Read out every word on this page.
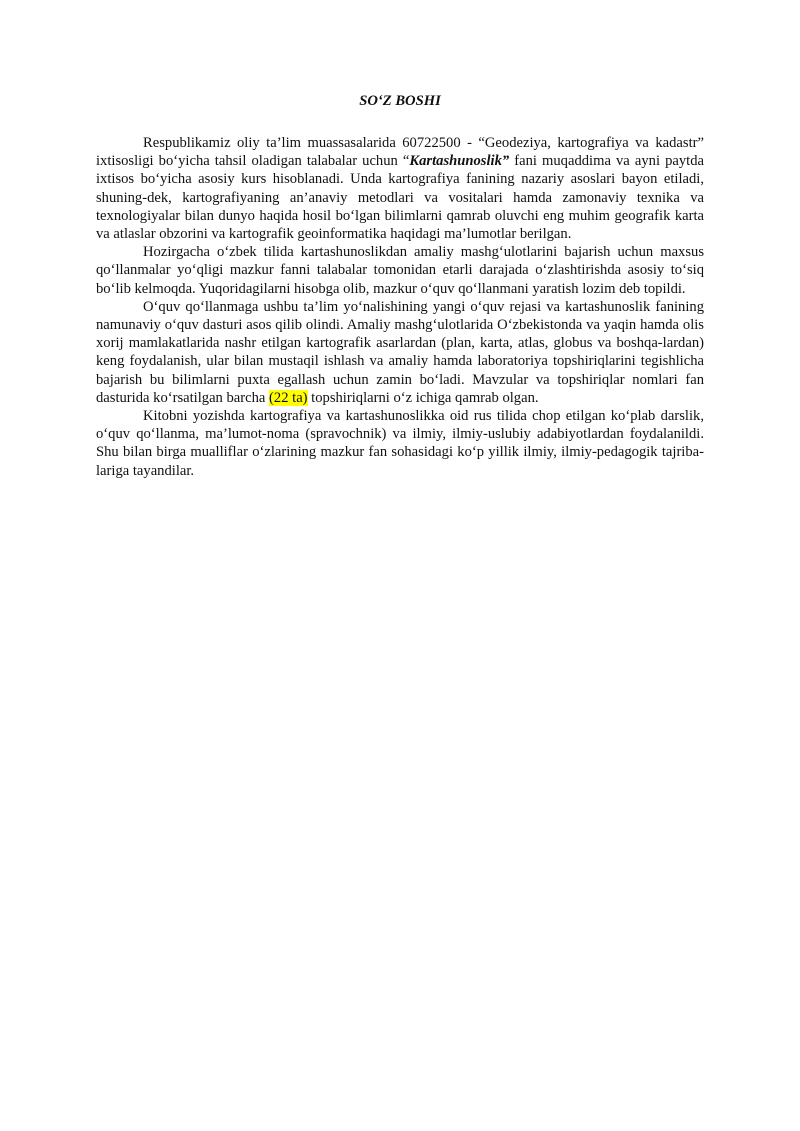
SO‘Z BOSHI

Respublikamiz oliy ta’lim muassasalarida 60722500 - “Geodeziya, kartografiya va kadastr” ixtisosligi bo‘yicha tahsil oladigan talabalar uchun “Kartashunoslik” fani muqaddima va ayni paytda ixtisos bo‘yicha asosiy kurs hisoblanadi. Unda kartografiya fanining nazariy asoslari bayon etiladi, shuning-dek, kartografiyaning an’anaviy metodlari va vositalari hamda zamonaviy texnika va texnologiyalar bilan dunyo haqida hosil bo‘lgan bilimlarni qamrab oluvchi eng muhim geografik karta va atlaslar obzorini va kartografik geoinformatika haqidagi ma’lumotlar berilgan.

Hozirgacha o‘zbek tilida kartashunoslikdan amaliy mashg‘ulotlarini bajarish uchun maxsus qo‘llanmalar yo‘qligi mazkur fanni talabalar tomonidan etarli darajada o‘zlashtirishda asosiy to‘siq bo‘lib kelmoqda. Yuqoridagilarni hisobga olib, mazkur o‘quv qo‘llanmani yaratish lozim deb topildi.

O‘quv qo‘llanmaga ushbu ta’lim yo‘nalishining yangi o‘quv rejasi va kartashunoslik fanining namunaviy o‘quv dasturi asos qilib olindi. Amaliy mashg‘ulotlarida O‘zbekistonda va yaqin hamda olis xorij mamlakatlarida nashr etilgan kartografik asarlardan (plan, karta, atlas, globus va boshqa-lardan) keng foydalanish, ular bilan mustaqil ishlash va amaliy hamda laboratoriya topshiriqlarini tegishlicha bajarish bu bilimlarni puxta egallash uchun zamin bo‘ladi. Mavzular va topshiriqlar nomlari fan dasturida ko‘rsatilgan barcha (22 ta) topshiriqlarni o‘z ichiga qamrab olgan.

Kitobni yozishda kartografiya va kartashunoslikka oid rus tilida chop etilgan ko‘plab darslik, o‘quv qo‘llanma, ma’lumot-noma (spravochnik) va ilmiy, ilmiy-uslubiy adabiyotlardan foydalanildi. Shu bilan birga mualliflar o‘zlarining mazkur fan sohasidagi ko‘p yillik ilmiy, ilmiy-pedagogik tajriba-lariga tayandilar.
